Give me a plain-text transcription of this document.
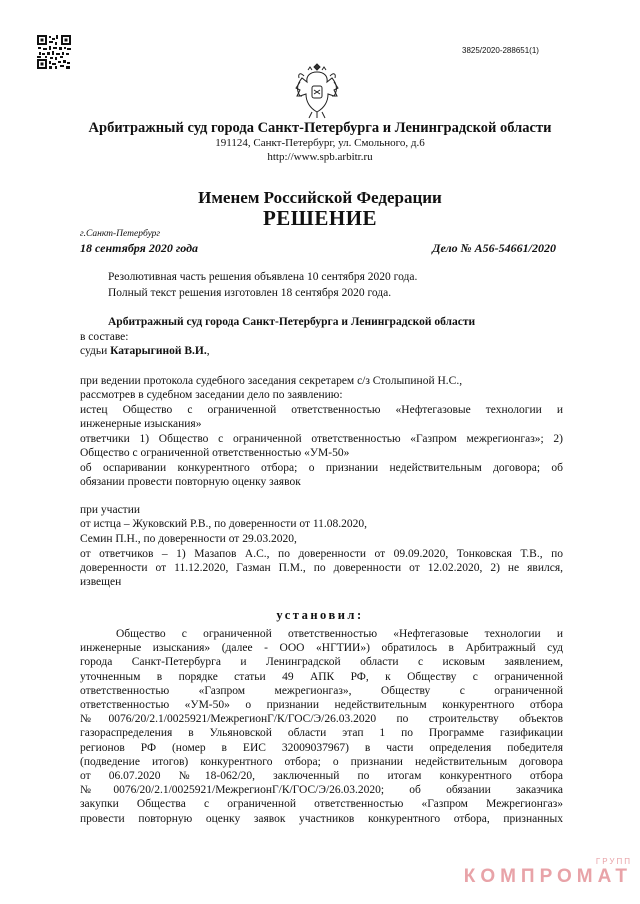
3825/2020-288651(1)
Арбитражный суд города Санкт-Петербурга и Ленинградской области
191124, Санкт-Петербург, ул. Смольного, д.6
http://www.spb.arbitr.ru
Именем Российской Федерации
РЕШЕНИЕ
г.Санкт-Петербург
18 сентября 2020 года	Дело № А56-54661/2020
Резолютивная часть решения объявлена 10 сентября 2020 года.
Полный текст решения изготовлен 18 сентября 2020 года.
Арбитражный суд города Санкт-Петербурга и Ленинградской области
в составе:
судьи Катарыгиной В.И.,
при ведении протокола судебного заседания секретарем с/з Столыпиной Н.С.,
рассмотрев в судебном заседании дело по заявлению:
истец Общество с ограниченной ответственностью «Нефтегазовые технологии и
инженерные изыскания»
ответчики 1) Общество с ограниченной ответственностью «Газпром межрегионгаз»; 2)
Общество с ограниченной ответственностью «УМ-50»
об оспаривании конкурентного отбора; о признании недействительным договора; об
обязании провести повторную оценку заявок
при участии
от истца – Жуковский Р.В., по доверенности от 11.08.2020,
Семин П.Н., по доверенности от 29.03.2020,
от ответчиков – 1) Мазапов А.С., по доверенности от 09.09.2020, Тонковская Т.В., по
доверенности от 11.12.2020, Газман П.М., по доверенности от 12.02.2020, 2) не явился,
извещен
установил:
Общество с ограниченной ответственностью «Нефтегазовые технологии и
инженерные изыскания» (далее - ООО «НГТИИ») обратилось в Арбитражный суд
города Санкт-Петербурга и Ленинградской области с исковым заявлением,
уточненным в порядке статьи 49 АПК РФ, к Обществу с ограниченной
ответственностью «Газпром межрегионгаз», Обществу с ограниченной
ответственностью «УМ-50» о признании недействительным конкурентного отбора
№0076/20/2.1/0025921/МежрегионГ/К/ГОС/Э/26.03.2020 по строительству объектов
газораспределения в Ульяновской области этап 1 по Программе газификации
регионов РФ (номер в ЕИС 32009037967) в части определения победителя
(подведение итогов) конкурентного отбора; о признании недействительным договора
от 06.07.2020 №18-062/20, заключенный по итогам конкурентного отбора
№0076/20/2.1/0025921/МежрегионГ/К/ГОС/Э/26.03.2020; об обязании заказчика
закупки Общества с ограниченной ответственностью «Газпром Межрегионгаз»
провести повторную оценку заявок участников конкурентного отбора, признанных
ГРУПП
КОМПРОМАТ
